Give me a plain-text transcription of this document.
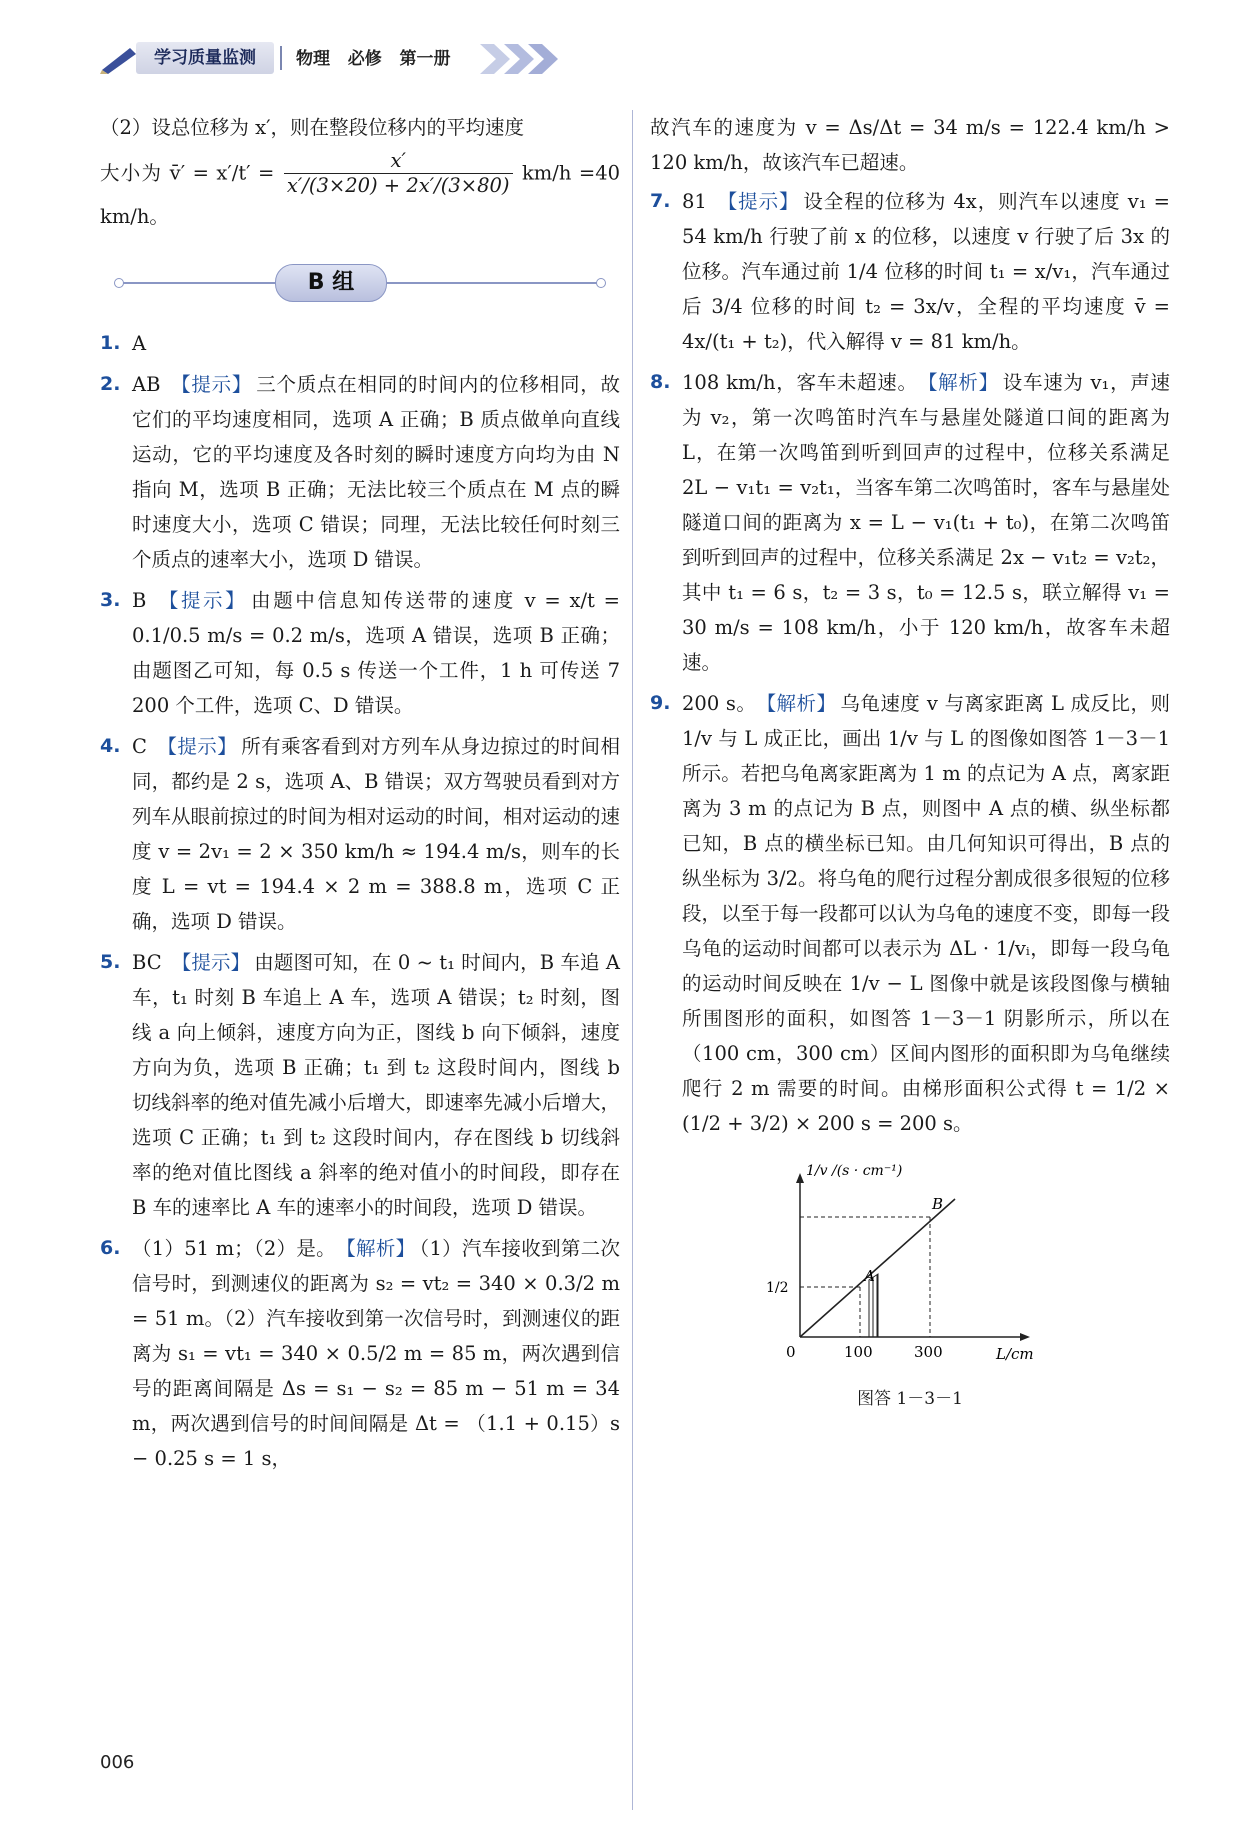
学习质量监测	物理   必修   第一册

（2）设总位移为 x′，则在整段位移内的平均速度

大小为 v̄′ = $x'/t' = \frac{x'}{x'/(3\times 20) + 2x'/(3\times 80)} km/h =40$ km/h。

B 组
1. A
2. AB 【提示】 三个质点在相同的时间内的位移相同，故它们的平均速度相同，选项 A 正确；B 质点做单向直线运动，它的平均速度及各时刻的瞬时速度方向均为由 N 指向 M，选项 B 正确；无法比较三个质点在 M 点的瞬时速度大小，选项 C 错误；同理，无法比较任何时刻三个质点的速率大小，选项 D 错误。
3. B 【提示】 由题中信息知传送带的速度 v = x/t = 0.1/0.5 m/s = 0.2 m/s，选项 A 错误，选项 B 正确；由题图乙可知，每 0.5 s 传送一个工件，1 h 可传送 7 200 个工件，选项 C、D 错误。
4. C 【提示】 所有乘客看到对方列车从身边掠过的时间相同，都约是 2 s，选项 A、B 错误；双方驾驶员看到对方列车从眼前掠过的时间为相对运动的时间，相对运动的速度 v = 2v₁ = 2 × 350 km/h ≈ 194.4 m/s，则车的长度 L = vt = 194.4 × 2 m = 388.8 m，选项 C 正确，选项 D 错误。
5. BC 【提示】 由题图可知，在 0 ~ t₁ 时间内，B 车追 A 车，t₁ 时刻 B 车追上 A 车，选项 A 错误；t₂ 时刻，图线 a 向上倾斜，速度方向为正，图线 b 向下倾斜，速度方向为负，选项 B 正确；t₁ 到 t₂ 这段时间内，图线 b 切线斜率的绝对值先减小后增大，即速率先减小后增大，选项 C 正确；t₁ 到 t₂ 这段时间内，存在图线 b 切线斜率的绝对值比图线 a 斜率的绝对值小的时间段，即存在 B 车的速率比 A 车的速率小的时间段，选项 D 错误。
6. （1）51 m；（2）是。 【解析】 （1）汽车接收到第二次信号时，到测速仪的距离为 s₂ = vt₂ = 340 × 0.3/2 m = 51 m。（2）汽车接收到第一次信号时，到测速仪的距离为 s₁ = vt₁ = 340 × 0.5/2 m = 85 m，两次遇到信号的距离间隔是 Δs = s₁ − s₂ = 85 m − 51 m = 34 m，两次遇到信号的时间间隔是 Δt = （1.1 + 0.15）s − 0.25 s = 1 s，

故汽车的速度为 v = Δs/Δt = 34 m/s = 122.4 km/h > 120 km/h，故该汽车已超速。

7. 81 【提示】 设全程的位移为 4x，则汽车以速度 v₁ = 54 km/h 行驶了前 x 的位移，以速度 v 行驶了后 3x 的位移。汽车通过前 1/4 位移的时间 t₁ = x/v₁，汽车通过后 3/4 位移的时间 t₂ = 3x/v，全程的平均速度 v̄ = 4x/(t₁ + t₂)，代入解得 v = 81 km/h。
8. 108 km/h，客车未超速。 【解析】 设车速为 v₁，声速为 v₂，第一次鸣笛时汽车与悬崖处隧道口间的距离为 L，在第一次鸣笛到听到回声的过程中，位移关系满足 2L − v₁t₁ = v₂t₁，当客车第二次鸣笛时，客车与悬崖处隧道口间的距离为 x = L − v₁(t₁ + t₀)，在第二次鸣笛到听到回声的过程中，位移关系满足 2x − v₁t₂ = v₂t₂，其中 t₁ = 6 s，t₂ = 3 s，t₀ = 12.5 s，联立解得 v₁ = 30 m/s = 108 km/h，小于 120 km/h，故客车未超速。
9. 200 s。 【解析】 乌龟速度 v 与离家距离 L 成反比，则 1/v 与 L 成正比，画出 1/v 与 L 的图像如图答 1－3－1 所示。若把乌龟离家距离为 1 m 的点记为 A 点，离家距离为 3 m 的点记为 B 点，则图中 A 点的横、纵坐标都已知，B 点的横坐标已知。由几何知识可得出，B 点的纵坐标为 3/2。将乌龟的爬行过程分割成很多很短的位移段，以至于每一段都可以认为乌龟的速度不变，即每一段乌龟的运动时间都可以表示为 ΔL · 1/vᵢ，即每一段乌龟的运动时间反映在 1/v − L 图像中就是该段图像与横轴所围图形的面积，如图答 1－3－1 阴影所示，所以在（100 cm，300 cm）区间内图形的面积即为乌龟继续爬行 2 m 需要的时间。由梯形面积公式得 t = 1/2 × (1/2 + 3/2) × 200 s = 200 s。
1/v /(s · cm⁻¹)
L/cm
0	100	300
1/2
A
B
图答 1－3－1
006
